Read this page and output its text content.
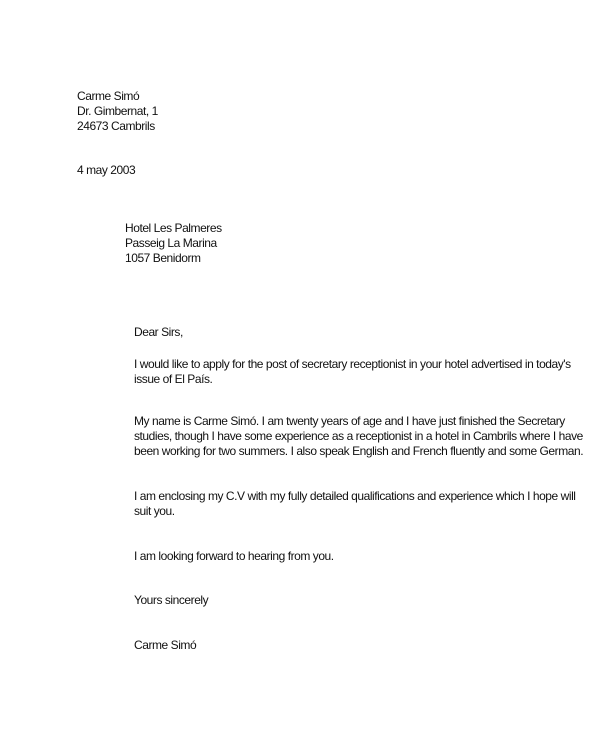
Carme Simó
Dr. Gimbernat, 1
24673 Cambrils
4 may 2003
Hotel Les Palmeres
Passeig La Marina
1057 Benidorm
Dear Sirs,
I would like to apply for the post of secretary receptionist in your hotel advertised in today's
issue of El País.
My name is Carme Simó. I am twenty years of age and I have just finished the Secretary
studies, though I have some experience as a receptionist in a hotel in Cambrils where I have
been working for two summers. I also speak English and French fluently and some German.
I am enclosing my C.V with my fully detailed qualifications and experience which I hope will
suit you.
I am looking forward to hearing from you.
Yours sincerely
Carme Simó
